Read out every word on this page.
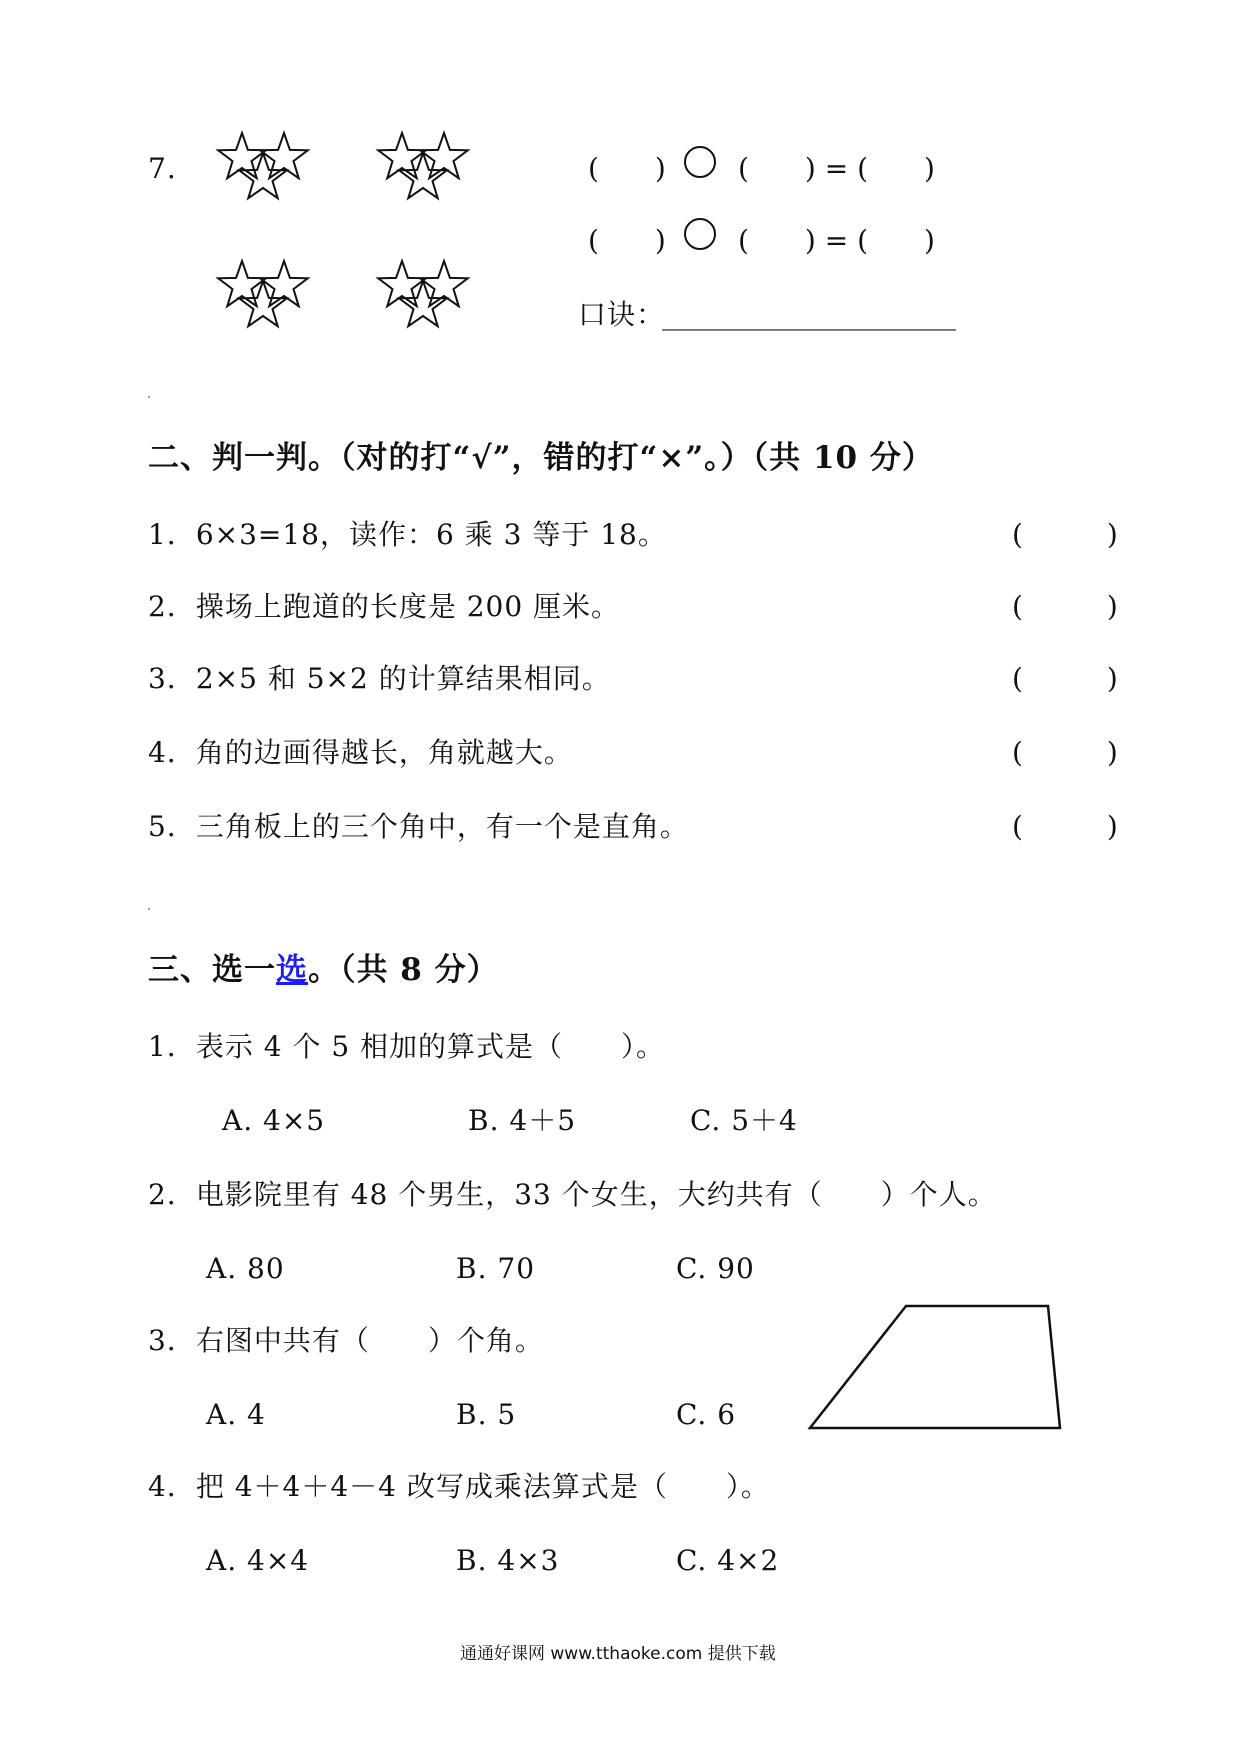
7.	(　　)	(　　) = (　　)
(　　)	(　　) = (　　)
口诀：
_____________________
二、判一判。（对的打“√”，错的打“×”。）（共 10 分）
1．6×3=18，读作：6 乘 3 等于 18。	(　　　)
2．操场上跑道的长度是 200 厘米。	(　　　)
3．2×5 和 5×2 的计算结果相同。	(　　　)
4．角的边画得越长，角就越大。	(　　　)
5．三角板上的三个角中，有一个是直角。	(　　　)
三、选一选。（共 8 分）
1．表示 4 个 5 相加的算式是（　　）。
A. 4×5	B. 4＋5	C. 5＋4
2．电影院里有 48 个男生，33 个女生，大约共有（　　）个人。
A. 80	B. 70	C. 90
3．右图中共有（　　）个角。
A. 4	B. 5	C. 6
4．把 4＋4＋4－4 改写成乘法算式是（　　）。
A. 4×4	B. 4×3	C. 4×2
通通好课网 www.tthaoke.com 提供下载
